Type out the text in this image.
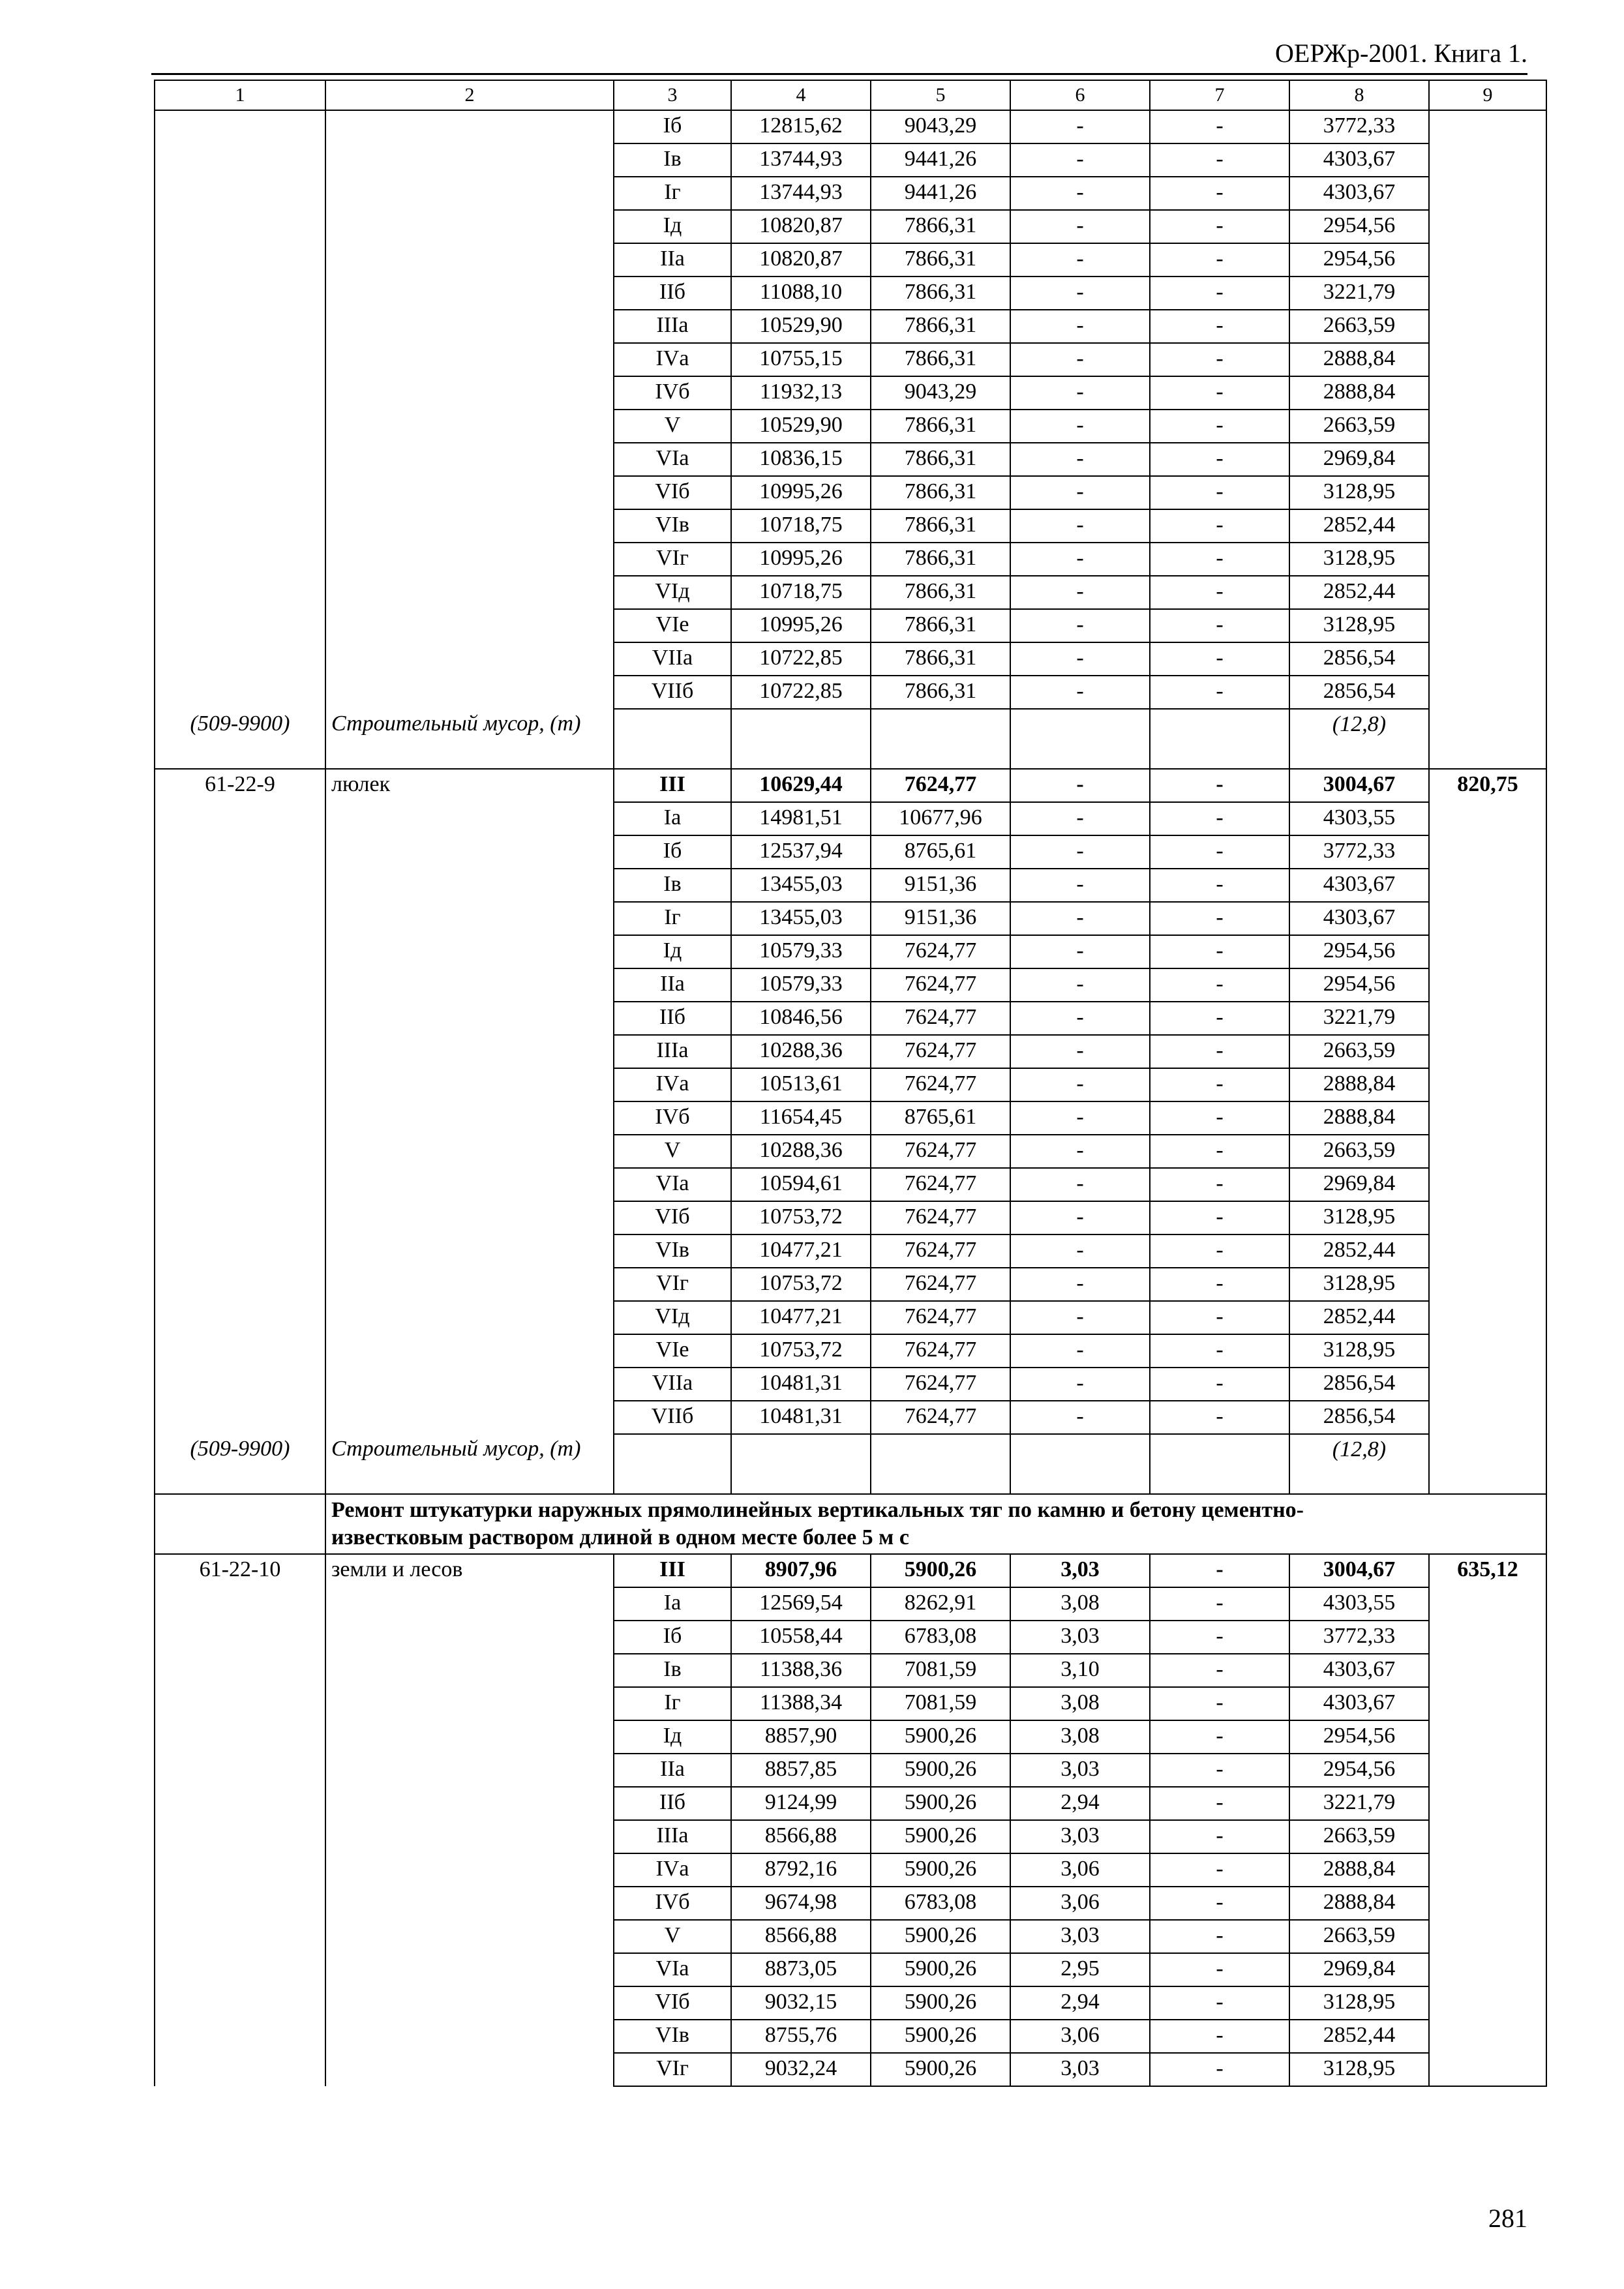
ОЕРЖр-2001. Книга 1.
1	2	3	4	5	6	7	8	9
		Iб	12815,62	9043,29	-	-	3772,33	
		Iв	13744,93	9441,26	-	-	4303,67	
		Iг	13744,93	9441,26	-	-	4303,67	
		Iд	10820,87	7866,31	-	-	2954,56	
		IIа	10820,87	7866,31	-	-	2954,56	
		IIб	11088,10	7866,31	-	-	3221,79	
		IIIа	10529,90	7866,31	-	-	2663,59	
		IVа	10755,15	7866,31	-	-	2888,84	
		IVб	11932,13	9043,29	-	-	2888,84	
		V	10529,90	7866,31	-	-	2663,59	
		VIа	10836,15	7866,31	-	-	2969,84	
		VIб	10995,26	7866,31	-	-	3128,95	
		VIв	10718,75	7866,31	-	-	2852,44	
		VIг	10995,26	7866,31	-	-	3128,95	
		VIд	10718,75	7866,31	-	-	2852,44	
		VIе	10995,26	7866,31	-	-	3128,95	
		VIIа	10722,85	7866,31	-	-	2856,54	
		VIIб	10722,85	7866,31	-	-	2856,54	
(509-9900)	Строительный мусор, (т)						(12,8)	
61-22-9	люлек	III	10629,44	7624,77	-	-	3004,67	820,75
		Iа	14981,51	10677,96	-	-	4303,55	
		Iб	12537,94	8765,61	-	-	3772,33	
		Iв	13455,03	9151,36	-	-	4303,67	
		Iг	13455,03	9151,36	-	-	4303,67	
		Iд	10579,33	7624,77	-	-	2954,56	
		IIа	10579,33	7624,77	-	-	2954,56	
		IIб	10846,56	7624,77	-	-	3221,79	
		IIIа	10288,36	7624,77	-	-	2663,59	
		IVа	10513,61	7624,77	-	-	2888,84	
		IVб	11654,45	8765,61	-	-	2888,84	
		V	10288,36	7624,77	-	-	2663,59	
		VIа	10594,61	7624,77	-	-	2969,84	
		VIб	10753,72	7624,77	-	-	3128,95	
		VIв	10477,21	7624,77	-	-	2852,44	
		VIг	10753,72	7624,77	-	-	3128,95	
		VIд	10477,21	7624,77	-	-	2852,44	
		VIе	10753,72	7624,77	-	-	3128,95	
		VIIа	10481,31	7624,77	-	-	2856,54	
		VIIб	10481,31	7624,77	-	-	2856,54	
(509-9900)	Строительный мусор, (т)						(12,8)	
	Ремонт штукатурки наружных прямолинейных вертикальных тяг по камню и бетону цементно-известковым раствором длиной в одном месте более 5 м с							
61-22-10	земли и лесов	III	8907,96	5900,26	3,03	-	3004,67	635,12
		Iа	12569,54	8262,91	3,08	-	4303,55	
		Iб	10558,44	6783,08	3,03	-	3772,33	
		Iв	11388,36	7081,59	3,10	-	4303,67	
		Iг	11388,34	7081,59	3,08	-	4303,67	
		Iд	8857,90	5900,26	3,08	-	2954,56	
		IIа	8857,85	5900,26	3,03	-	2954,56	
		IIб	9124,99	5900,26	2,94	-	3221,79	
		IIIа	8566,88	5900,26	3,03	-	2663,59	
		IVа	8792,16	5900,26	3,06	-	2888,84	
		IVб	9674,98	6783,08	3,06	-	2888,84	
		V	8566,88	5900,26	3,03	-	2663,59	
		VIа	8873,05	5900,26	2,95	-	2969,84	
		VIб	9032,15	5900,26	2,94	-	3128,95	
		VIв	8755,76	5900,26	3,06	-	2852,44	
		VIг	9032,24	5900,26	3,03	-	3128,95	
281
